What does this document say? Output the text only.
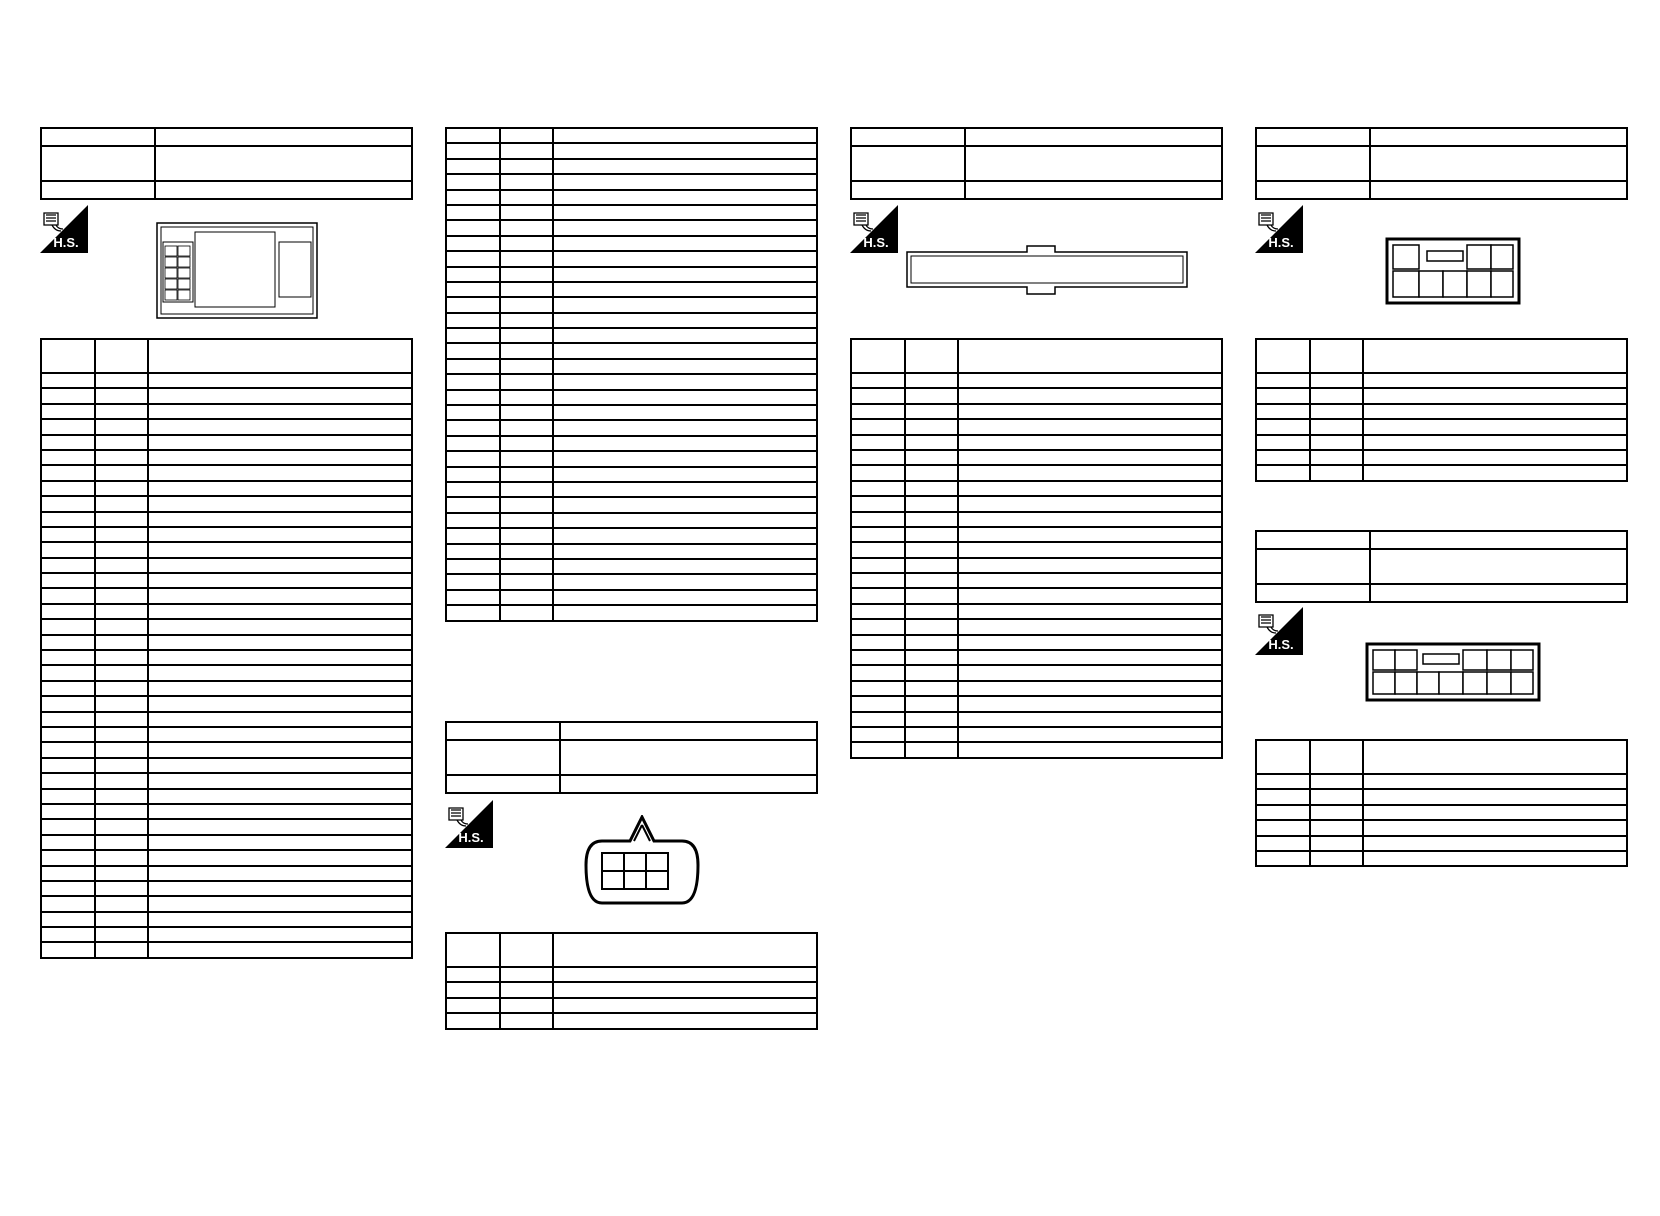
H.S.

H.S.

H.S.

		H.S.

H.S.
